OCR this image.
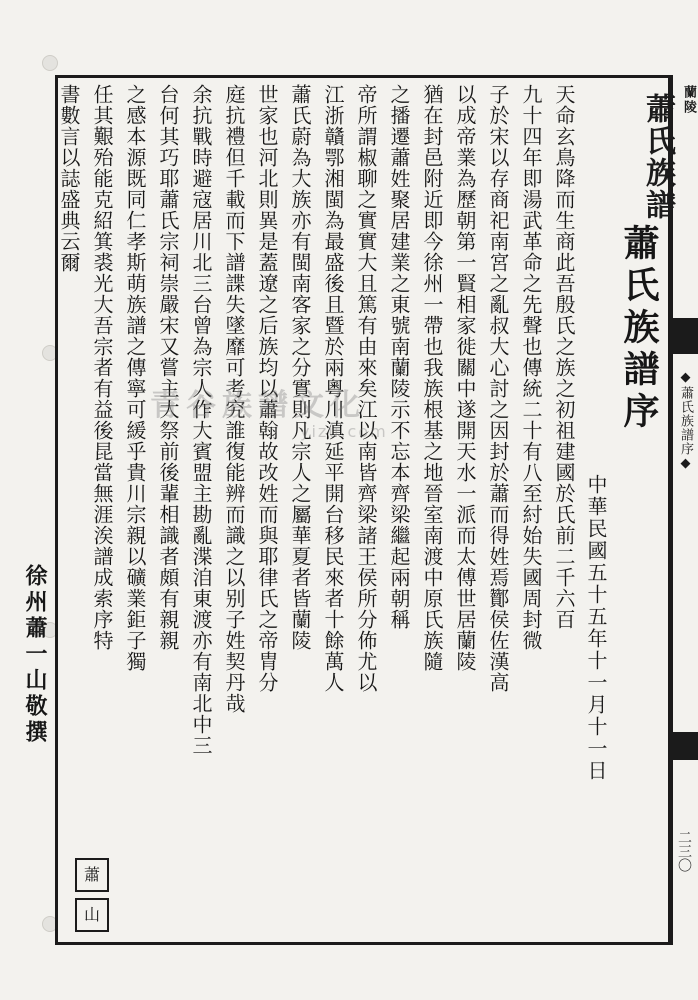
蘭陵
蕭氏族譜
◆蕭氏族譜序◆
二三〇
蕭氏族譜序
中華民國五十五年十一月十一日
天命玄鳥降而生商此吾殷氏之族之初祖建國於氏前二千六百
九十四年即湯武革命之先聲也傳統二十有八至紂始失國周封微
子於宋以存商祀南宮之亂叔大心討之因封於蕭而得姓焉酇侯佐漢高
以成帝業為歷朝第一賢相家徙關中遂開天水一派而太傅世居蘭陵
猶在封邑附近即今徐州一帶也我族根基之地晉室南渡中原氏族隨
之播遷蕭姓聚居建業之東號南蘭陵示不忘本齊梁繼起兩朝稱
帝所謂椒聊之實實大且篤有由來矣江以南皆齊梁諸王侯所分佈尤以
江浙贛鄂湘閩為最盛後且暨於兩粵川滇延平開台移民來者十餘萬人
蕭氏蔚為大族亦有閩南客家之分實則凡宗人之屬華夏者皆蘭陵
世家也河北則異是蓋遼之后族均以蕭翰故改姓而與耶律氏之帝胄分
庭抗禮但千載而下譜諜失墜靡可考究誰復能辨而識之以别子姓契丹哉
余抗戰時避寇居川北三台曾為宗人作大賓盟主勘亂渫洎東渡亦有南北中三
台何其巧耶蕭氏宗祠崇嚴宋又嘗主大祭前後輩相識者頗有親親
之感本源既同仁孝斯萌族譜之傳寧可緩乎貴川宗親以礦業鉅子獨
任其艱殆能克紹箕裘光大吾宗者有益後昆當無涯涘譜成索序特
書數言以誌盛典云爾
徐州蕭一山敬撰
蕭
山
青谷族譜文化
yizu.com
